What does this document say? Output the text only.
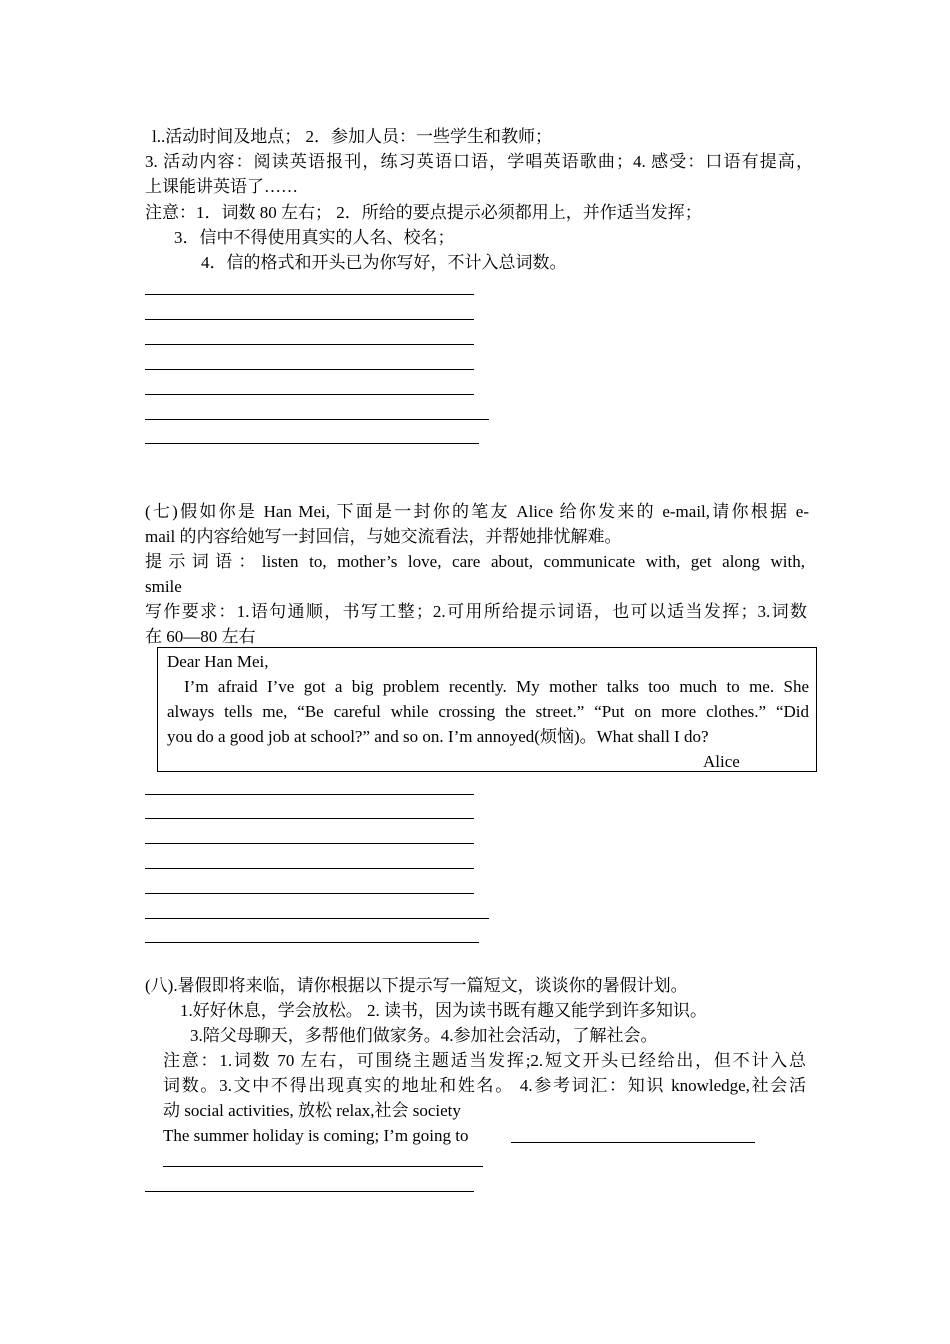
l..活动时间及地点； 2．参加人员：一些学生和教师；
3. 活动内容：阅读英语报刊，练习英语口语，学唱英语歌曲；4. 感受：口语有提高，
上课能讲英语了……
注意：1．词数 80 左右； 2．所给的要点提示必须都用上，并作适当发挥；
3．信中不得使用真实的人名、校名；
4．信的格式和开头已为你写好，不计入总词数。
(七)假如你是 Han Mei, 下面是一封你的笔友 Alice 给你发来的 e-mail,请你根据 e-
mail 的内容给她写一封回信，与她交流看法，并帮她排忧解难。
提示词语：listen to, mother’s love, care about, communicate with, get along with,
smile
写作要求：1.语句通顺，书写工整；2.可用所给提示词语，也可以适当发挥；3.词数
在 60—80 左右
Dear Han Mei,
I’m afraid I’ve got a big problem recently. My mother talks too much to me. She
always tells me, “Be careful while crossing the street.” “Put on more clothes.” “Did
you do a good job at school?” and so on. I’m annoyed(烦恼)。What shall I do?
Alice
(八).暑假即将来临，请你根据以下提示写一篇短文，谈谈你的暑假计划。
1.好好休息，学会放松。 2. 读书，因为读书既有趣又能学到许多知识。
3.陪父母聊天，多帮他们做家务。4.参加社会活动，了解社会。
注意：1.词数 70 左右，可围绕主题适当发挥;2.短文开头已经给出，但不计入总
词数。3.文中不得出现真实的地址和姓名。 4.参考词汇：知识 knowledge,社会活
动 social activities, 放松 relax,社会 society
The summer holiday is coming; I’m going to
